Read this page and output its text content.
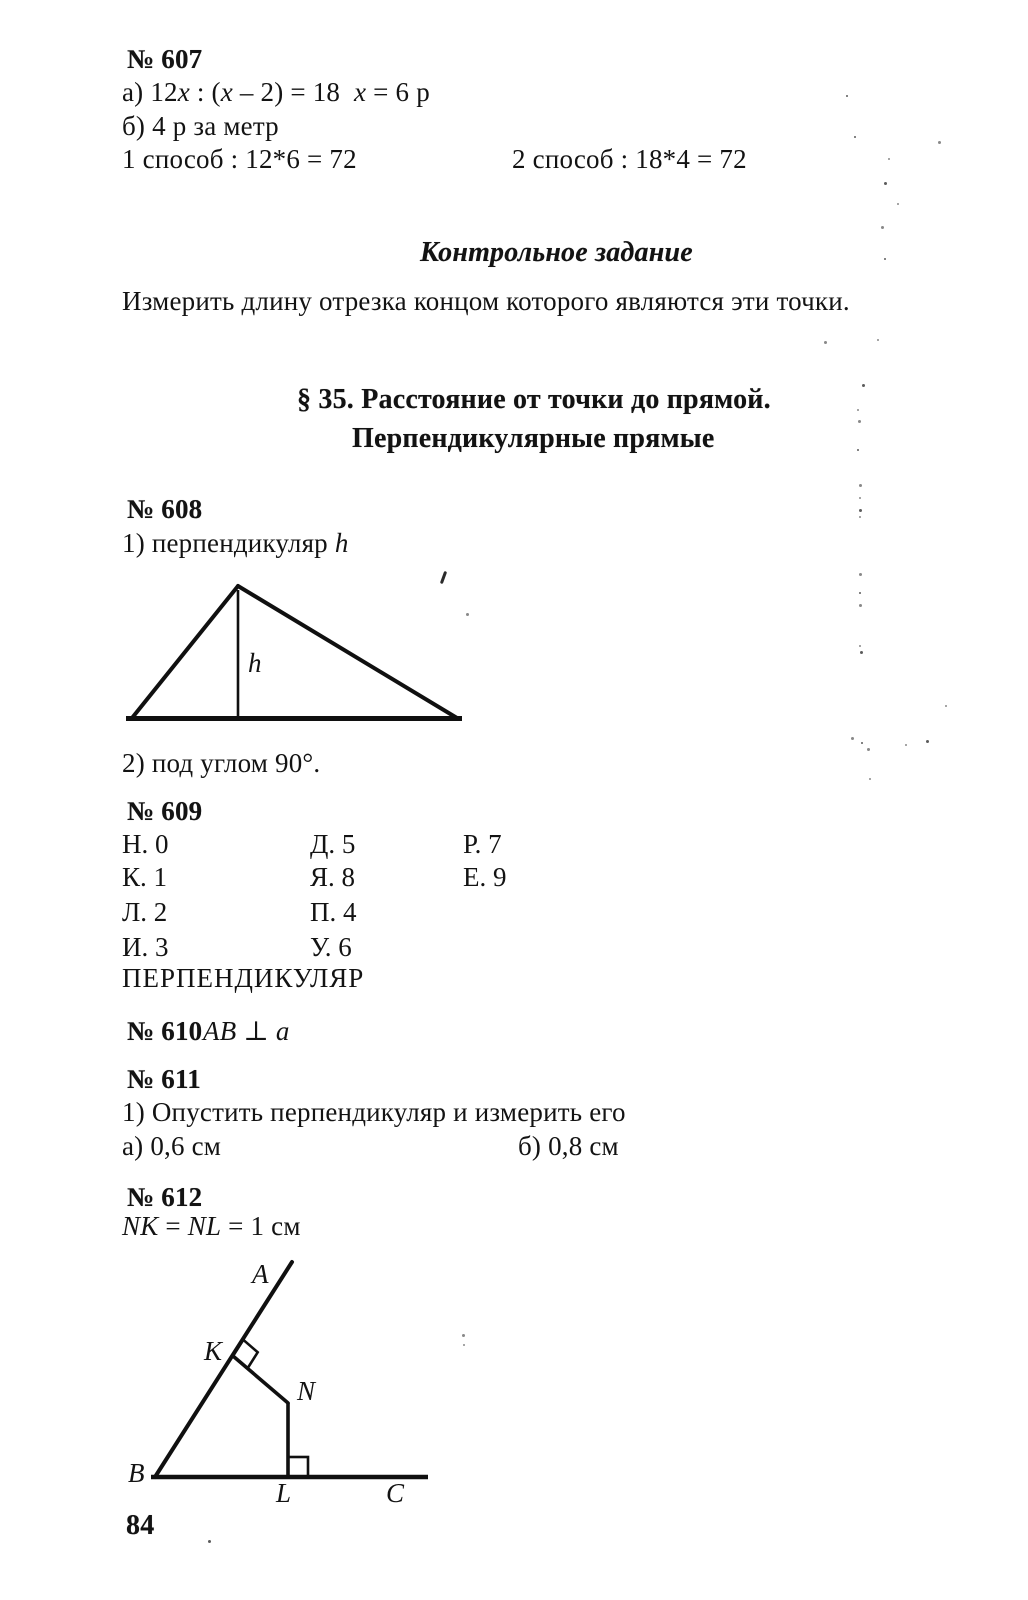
№ 607
а) 12x : (x – 2) = 18  x = 6 р
б) 4 р за метр
1 способ : 12*6 = 72	2 способ : 18*4 = 72
Контрольное задание
Измерить длину отрезка концом которого являются эти точки.
§ 35. Расстояние от точки до прямой.
Перпендикулярные прямые
№ 608
1) перпендикуляр h
h
2) под углом 90°.
№ 609
Н. 0	Д. 5	Р. 7
К. 1	Я. 8	Е. 9
Л. 2	П. 4
И. 3	У. 6
ПЕРПЕНДИКУЛЯР
№ 610 AB ⊥ a
№ 611
1) Опустить перпендикуляр и измерить его
а) 0,6 см	б) 0,8 см
№ 612
NK = NL = 1 см
A
K
N
B
L	C
84
